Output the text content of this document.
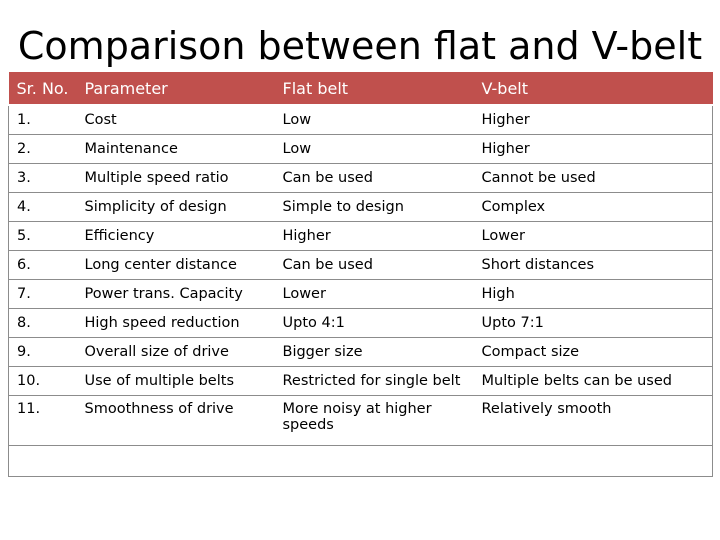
Comparison between flat and V-belt
Sr. No.	Parameter	Flat belt	V-belt
1.	Cost	Low	Higher
2.	Maintenance	Low	Higher
3.	Multiple speed ratio	Can be used	Cannot be used
4.	Simplicity of design	Simple to design	Complex
5.	Efficiency	Higher	Lower
6.	Long center distance	Can be used	Short distances
7.	Power trans. Capacity	Lower	High
8.	High speed reduction	Upto 4:1	Upto 7:1
9.	Overall size of drive	Bigger size	Compact size
10.	Use of multiple belts	Restricted for single belt	Multiple belts can be used
11.	Smoothness of drive	More noisy at higher speeds	Relatively smooth
